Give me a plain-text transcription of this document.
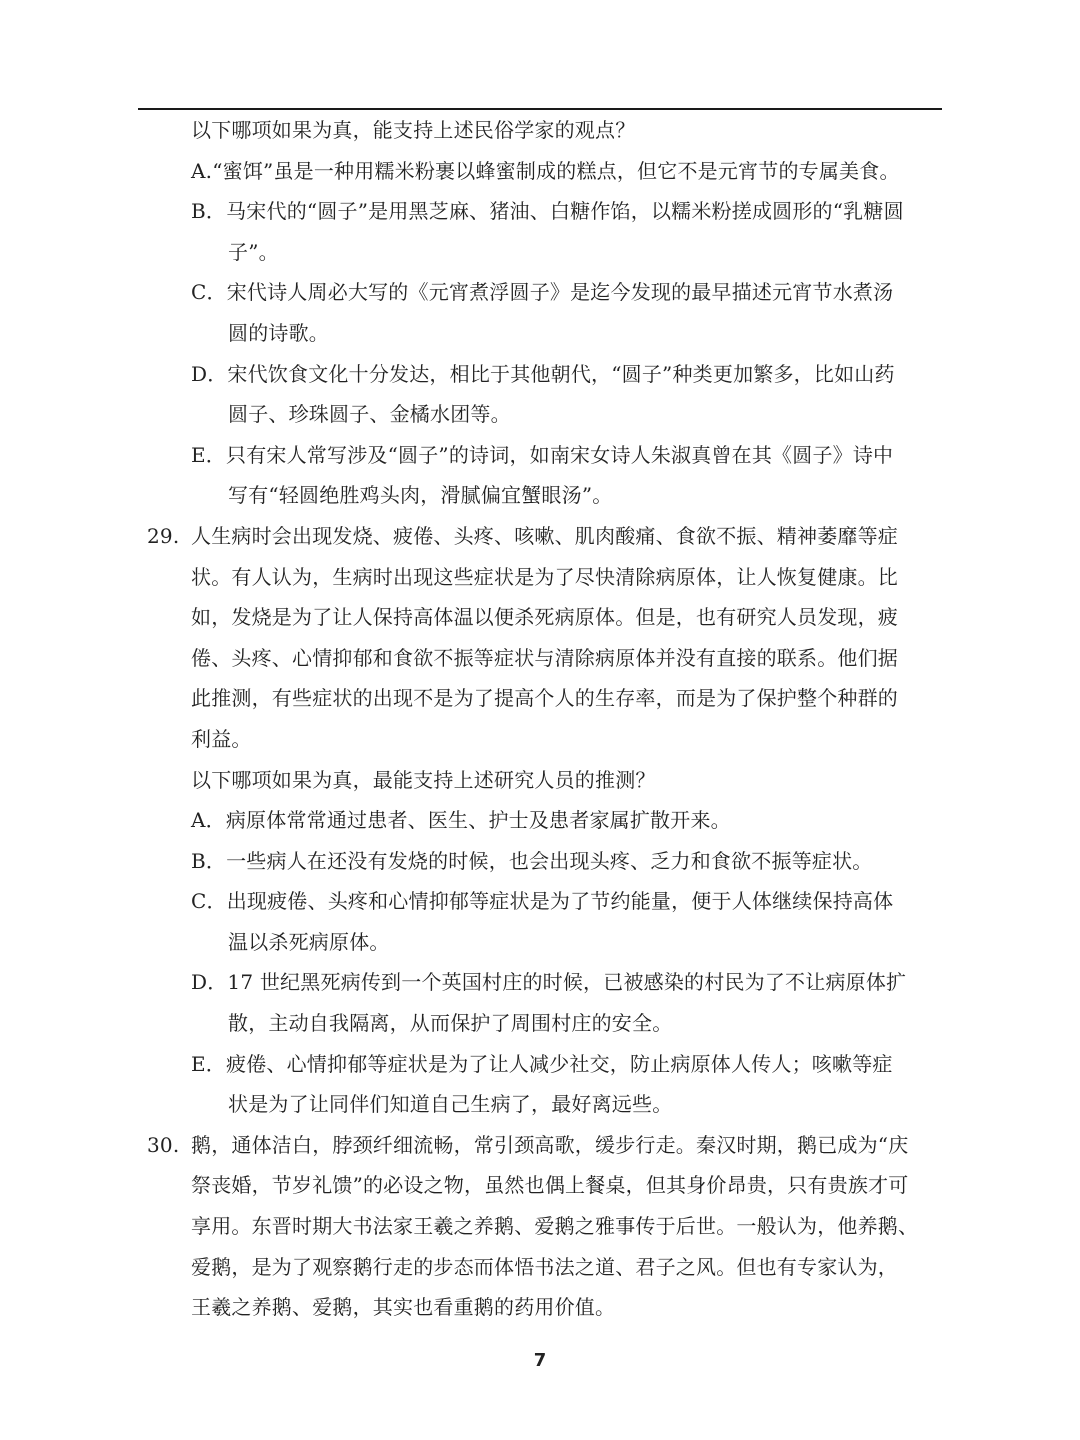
以下哪项如果为真，能支持上述民俗学家的观点？
A.“蜜饵”虽是一种用糯米粉裹以蜂蜜制成的糕点，但它不是元宵节的专属美食。
B．马宋代的“圆子”是用黑芝麻、猪油、白糖作馅，以糯米粉搓成圆形的“乳糖圆
子”。
C．宋代诗人周必大写的《元宵煮浮圆子》是迄今发现的最早描述元宵节水煮汤
圆的诗歌。
D．宋代饮食文化十分发达，相比于其他朝代，“圆子”种类更加繁多，比如山药
圆子、珍珠圆子、金橘水团等。
E．只有宋人常写涉及“圆子”的诗词，如南宋女诗人朱淑真曾在其《圆子》诗中
写有“轻圆绝胜鸡头肉，滑腻偏宜蟹眼汤”。
29. 人生病时会出现发烧、疲倦、头疼、咳嗽、肌肉酸痛、食欲不振、精神萎靡等症
状。有人认为，生病时出现这些症状是为了尽快清除病原体，让人恢复健康。比
如，发烧是为了让人保持高体温以便杀死病原体。但是，也有研究人员发现，疲
倦、头疼、心情抑郁和食欲不振等症状与清除病原体并没有直接的联系。他们据
此推测，有些症状的出现不是为了提高个人的生存率，而是为了保护整个种群的
利益。
以下哪项如果为真，最能支持上述研究人员的推测？
A．病原体常常通过患者、医生、护士及患者家属扩散开来。
B．一些病人在还没有发烧的时候，也会出现头疼、乏力和食欲不振等症状。
C．出现疲倦、头疼和心情抑郁等症状是为了节约能量，便于人体继续保持高体
温以杀死病原体。
D．17 世纪黑死病传到一个英国村庄的时候，已被感染的村民为了不让病原体扩
散，主动自我隔离，从而保护了周围村庄的安全。
E．疲倦、心情抑郁等症状是为了让人减少社交，防止病原体人传人；咳嗽等症
状是为了让同伴们知道自己生病了，最好离远些。
30. 鹅，通体洁白，脖颈纤细流畅，常引颈高歌，缓步行走。秦汉时期，鹅已成为“庆
祭丧婚，节岁礼馈”的必设之物，虽然也偶上餐桌，但其身价昂贵，只有贵族才可
享用。东晋时期大书法家王羲之养鹅、爱鹅之雅事传于后世。一般认为，他养鹅、
爱鹅，是为了观察鹅行走的步态而体悟书法之道、君子之风。但也有专家认为，
王羲之养鹅、爱鹅，其实也看重鹅的药用价值。
7
